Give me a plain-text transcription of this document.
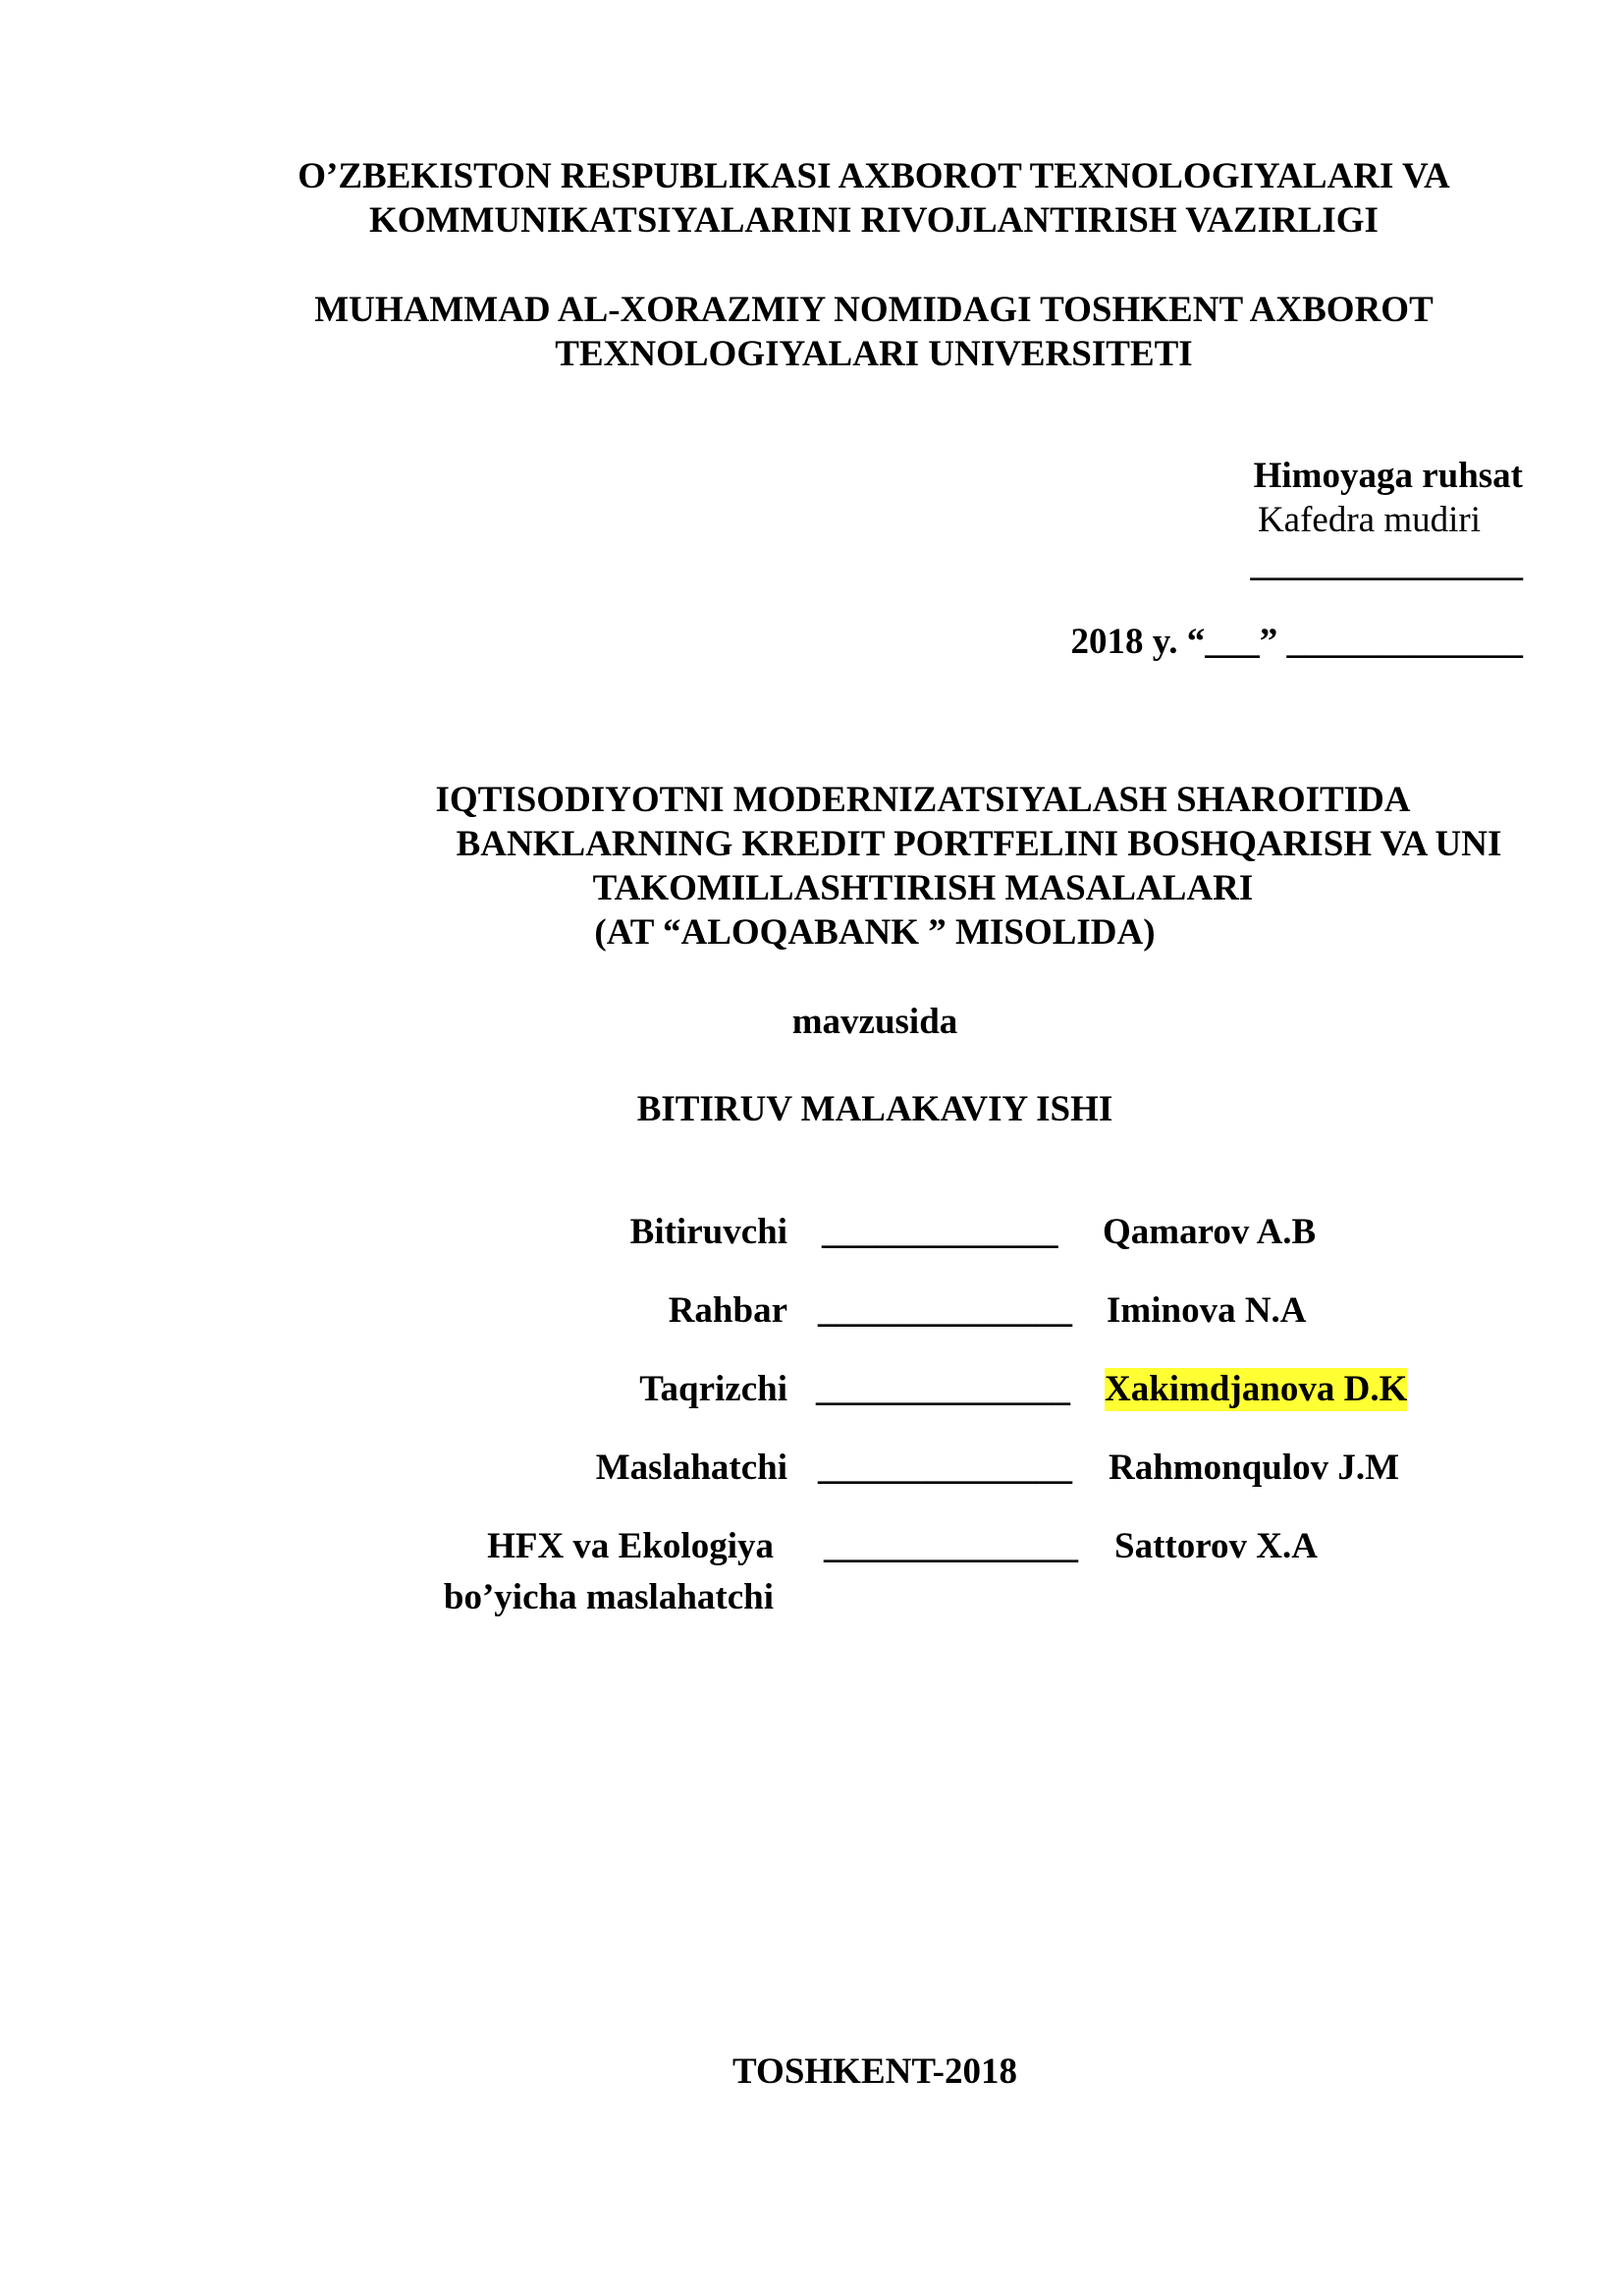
O’ZBEKISTON RESPUBLIKASI AXBOROT TEXNOLOGIYALARI VA
KOMMUNIKATSIYALARINI RIVOJLANTIRISH VAZIRLIGI
MUHAMMAD AL-XORAZMIY NOMIDAGI TOSHKENT AXBOROT
TEXNOLOGIYALARI UNIVERSITETI
Himoyaga ruhsat
Kafedra mudiri
_______________
2018 y. “___” _____________
IQTISODIYOTNI MODERNIZATSIYALASH SHAROITIDA
BANKLARNING KREDIT PORTFELINI BOSHQARISH VA UNI
TAKOMILLASHTIRISH MASALALARI
(AT “ALOQABANK ” MISOLIDA)
mavzusida
BITIRUV MALAKAVIY ISHI
Bitiruvchi _____________ Qamarov A.B
Rahbar ______________ Iminova N.A
Taqrizchi ______________ Xakimdjanova D.K
Maslahatchi ______________ Rahmonqulov J.M
HFX va Ekologiya
bo’yicha maslahatchi
______________ Sattorov X.A
TOSHKENT-2018
